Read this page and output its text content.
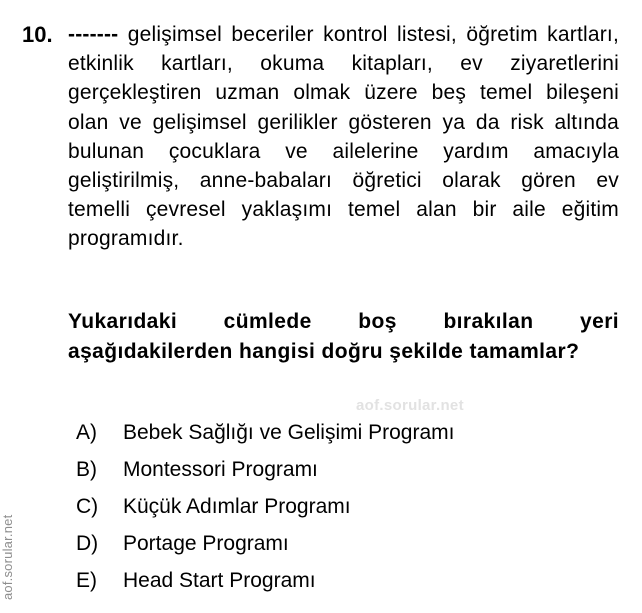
10. ------- gelişimsel beceriler kontrol listesi, öğretim kartları, etkinlik kartları, okuma kitapları, ev ziyaretlerini gerçekleştiren uzman olmak üzere beş temel bileşeni olan ve gelişimsel gerilikler gösteren ya da risk altında bulunan çocuklara ve ailelerine yardım amacıyla geliştirilmiş, anne-babaları öğretici olarak gören ev temelli çevresel yaklaşımı temel alan bir aile eğitim programıdır.
Yukarıdaki cümlede boş bırakılan yeri aşağıdakilerden hangisi doğru şekilde tamamlar?
aof.sorular.net
A)	Bebek Sağlığı ve Gelişimi Programı
B)	Montessori Programı
C)	Küçük Adımlar Programı
D)	Portage Programı
E)	Head Start Programı
aof.sorular.net
